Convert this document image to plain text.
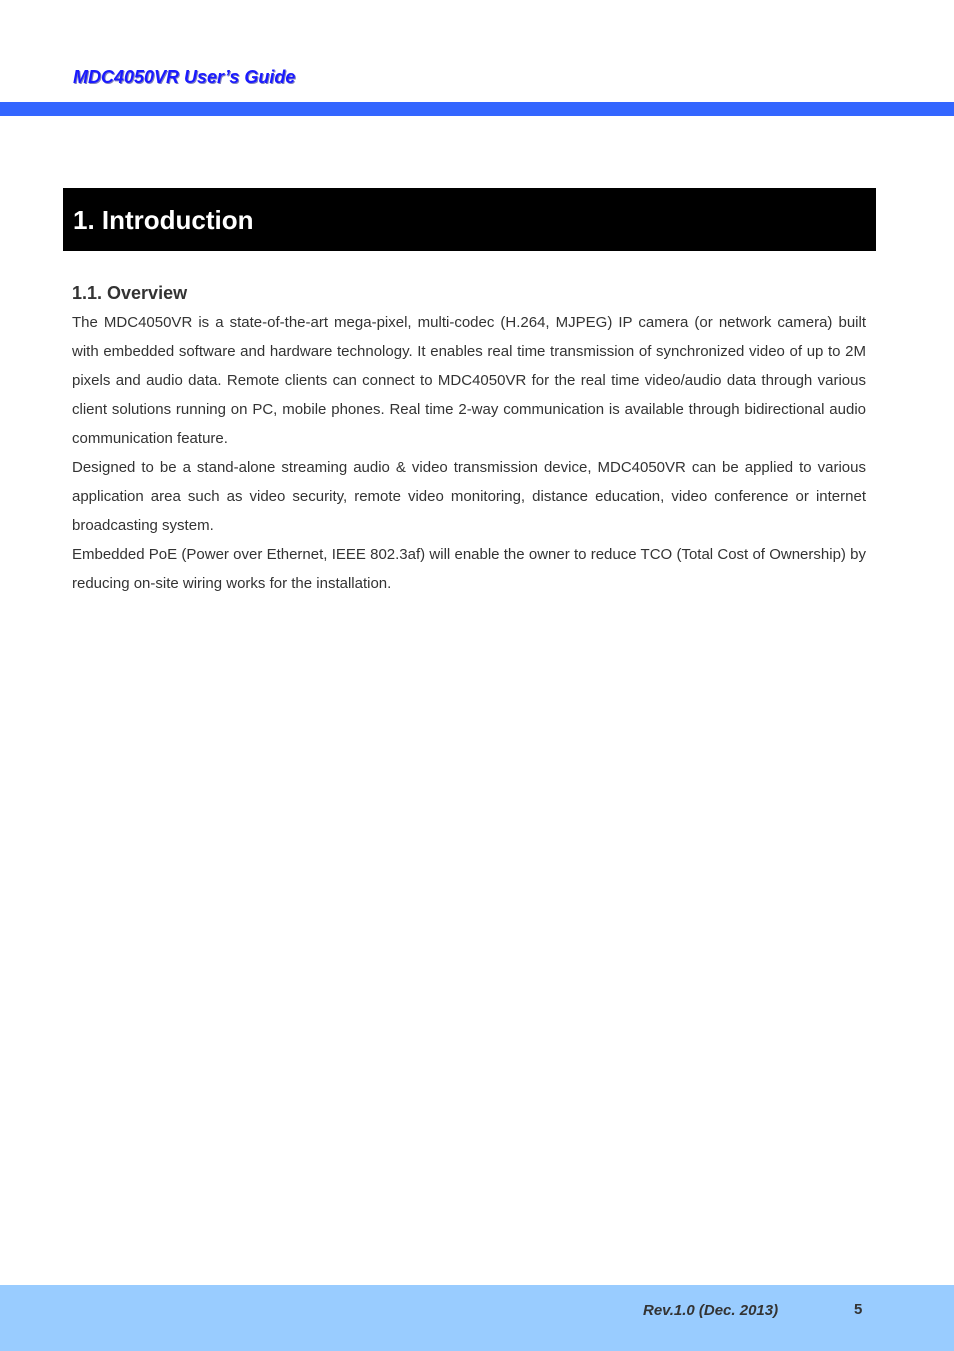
MDC4050VR User’s Guide
1. Introduction
1.1. Overview

The MDC4050VR is a state-of-the-art mega-pixel, multi-codec (H.264, MJPEG) IP camera (or network camera) built with embedded software and hardware technology. It enables real time transmission of synchronized video of up to 2M pixels and audio data. Remote clients can connect to MDC4050VR for the real time video/audio data through various client solutions running on PC, mobile phones. Real time 2-way communication is available through bidirectional audio communication feature.

Designed to be a stand-alone streaming audio & video transmission device, MDC4050VR can be applied to various application area such as video security, remote video monitoring, distance education, video conference or internet broadcasting system.

Embedded PoE (Power over Ethernet, IEEE 802.3af) will enable the owner to reduce TCO (Total Cost of Ownership) by reducing on-site wiring works for the installation.

Rev.1.0 (Dec. 2013)	5
